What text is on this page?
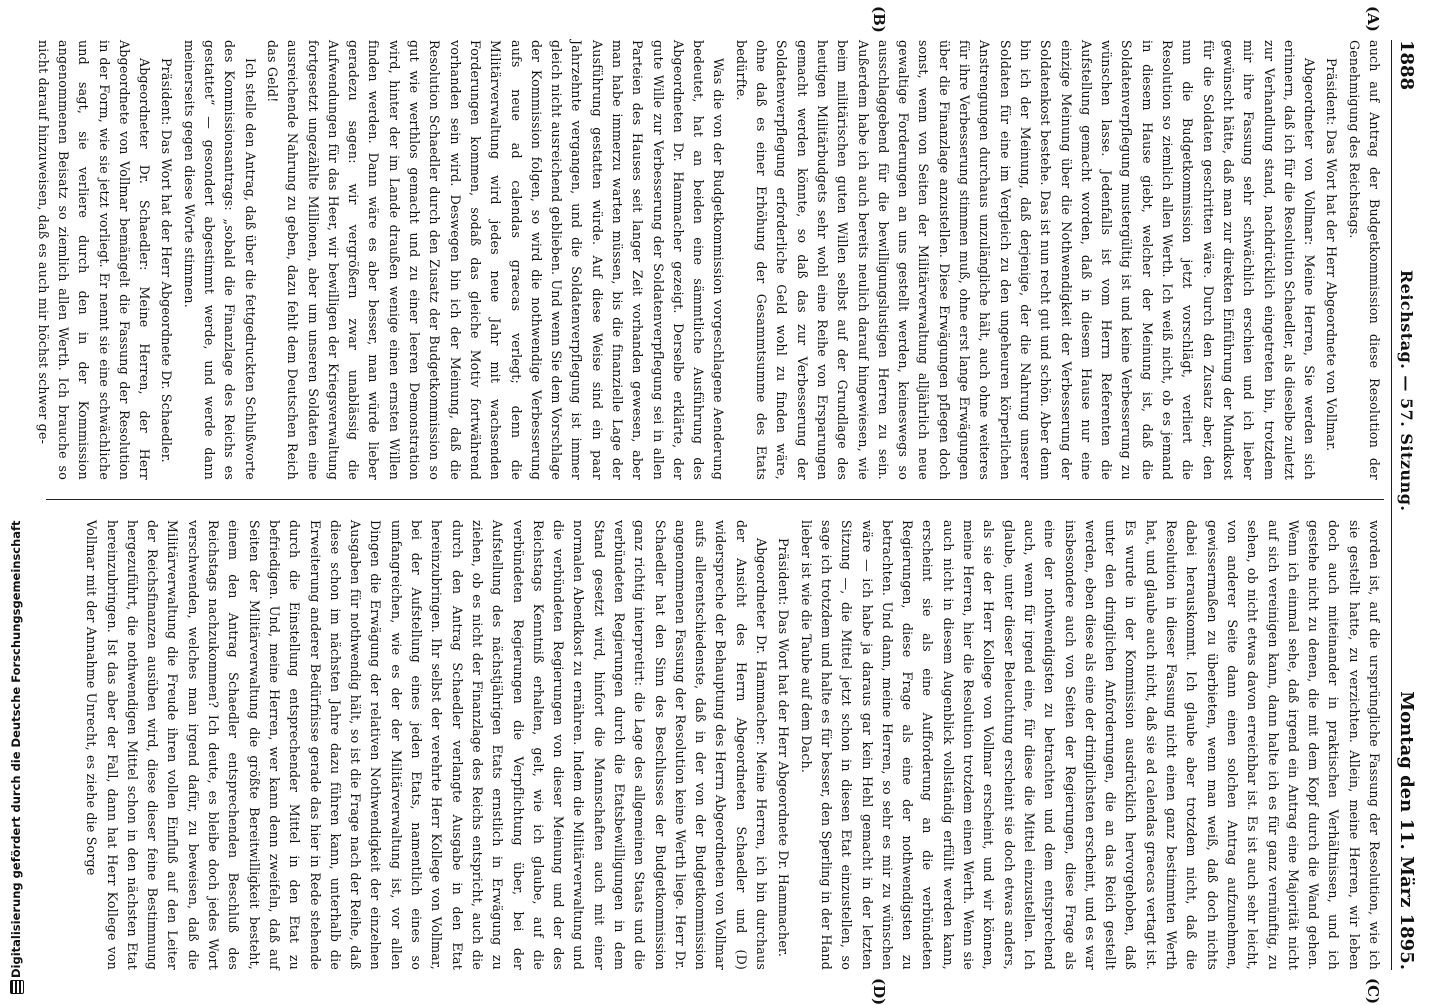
Digitalisierung gefördert durch die Deutsche Forschungsgemeinschaft
1888
Reichstag. — 57. Sitzung.
Montag den 11. März 1895.
(A)
(B)
(C)
(D)

auch auf Antrag der Budgetkommission diese Resolution der Genehmigung des Reichstags.

Präsident: Das Wort hat der Herr Abgeordnete von Vollmar.

Abgeordneter von Vollmar: Meine Herren, Sie werden sich erinnern, daß ich für die Resolution Schaedler, als dieselbe zuletzt zur Verhandlung stand, nachdrücklich eingetreten bin, trotzdem mir ihre Fassung sehr schwächlich erschien und ich lieber gewünscht hätte, daß man zur direkten Einführung der Mundkost für die Soldaten geschritten wäre. Durch den Zusatz aber, den nun die Budgetkommission jetzt vorschlägt, verliert die Resolution so ziemlich allen Werth. Ich weiß nicht, ob es jemand in diesem Hause giebt, welcher der Meinung ist, daß die Soldatenverpflegung mustergültig ist und keine Verbesserung zu wünschen lasse. Jedenfalls ist vom Herrn Referenten die Aufstellung gemacht worden, daß in diesem Hause nur eine einzige Meinung über die Nothwendigkeit der Verbesserung der Soldatenkost bestehe. Das ist nun recht gut und schön. Aber denn bin ich der Meinung, daß derjenige, der die Nahrung unserer Soldaten für eine im Vergleich zu den ungeheuren körperlichen Anstrengungen durchaus unzulängliche hält, auch ohne weiteres für ihre Verbesserung stimmen muß, ohne erst lange Erwägungen über die Finanzlage anzustellen. Diese Erwägungen pflegen doch sonst, wenn von Seiten der Militärverwaltung alljährlich neue gewaltige Forderungen an uns gestellt werden, keineswegs so ausschlaggebend für die bewilligungslustigen Herren zu sein. Außerdem habe ich auch bereits neulich darauf hingewiesen, wie beim militärischen guten Willen selbst auf der Grundlage des heutigen Militärbudgets sehr wohl eine Reihe von Ersparungen gemacht werden könnte, so daß das zur Verbesserung der Soldatenverpflegung erforderliche Geld wohl zu finden wäre, ohne daß es einer Erhöhung der Gesammtsumme des Etats bedürfte.

Was die von der Budgetkommission vorgeschlagene Aenderung bedeutet, hat an beiden eine sämmtliche Ausführung des Abgeordneten Dr. Hammacher gezeigt. Derselbe erklärte, der gute Wille zur Verbesserung der Soldatenverpflegung sei in allen Parteien des Hauses seit langer Zeit vorhanden gewesen, aber man habe immerzu warten müssen, bis die finanzielle Lage der Ausführung gestatten würde. Auf diese Weise sind ein paar Jahrzehnte vergangen, und die Soldatenverpflegung ist immer gleich nicht ausreichend geblieben. Und wenn Sie dem Vorschlage der Kommission folgen, so wird die nothwendige Verbesserung aufs neue ad calendas graecas verlegt; denn die Militärverwaltung wird jedes neue Jahr mit wachsenden Forderungen kommen, sodaß das gleiche Motiv fortwährend vorhanden sein wird. Deswegen bin ich der Meinung, daß die Resolution Schaedler durch den Zusatz der Budgetkommission so gut wie werthlos gemacht und zu einer leeren Demonstration wird, hinter der im Lande draußen wenige einen ernsten Willen finden werden. Dann wäre es aber besser, man würde lieber geradezu sagen: wir vergrößern zwar unablässig die Aufwendungen für das Heer, wir bewilligen der Kriegsverwaltung fortgesetzt ungezählte Millionen, aber um unseren Soldaten eine ausreichende Nahrung zu geben, dazu fehlt dem Deutschen Reich das Geld!

Ich stelle den Antrag, daß über die fettgedruckten Schlußworte des Kommissionsantrags: „sobald die Finanzlage des Reichs es gestattet“ — gesondert abgestimmt werde, und werde dann meinerseits gegen diese Worte stimmen.

Präsident: Das Wort hat der Herr Abgeordnete Dr. Schaedler.

Abgeordneter Dr. Schaedler: Meine Herren, der Herr Abgeordnete von Vollmar bemängelt die Fassung der Resolution in der Form, wie sie jetzt vorliegt. Er nennt sie eine schwächliche und sagt, sie verliere durch den in der Kommission angenommenen Beisatz so ziemlich allen Werth. Ich brauche so nicht darauf hinzuweisen, daß es auch mir höchst schwer ge-

worden ist, auf die ursprüngliche Fassung der Resolution, wie ich sie gestellt hatte, zu verzichten. Allein, meine Herren, wir leben doch auch miteinander in praktischen Verhältnissen, und ich gestehe nicht zu denen, die mit dem Kopf durch die Wand gehen. Wenn ich einmal sehe, daß irgend ein Antrag eine Majorität nicht auf sich vereinigen kann, dann halte ich es für ganz vernünftig, zu sehen, ob nicht etwas davon erreichbar ist. Es ist auch sehr leicht, von anderer Seite dann einen solchen Antrag aufzunehmen, gewissermaßen zu überbieten, wenn man weiß, daß doch nichts dabei herauskommt. Ich glaube aber trotzdem nicht, daß die Resolution in dieser Fassung nicht einen ganz bestimmten Werth hat, und glaube auch nicht, daß sie ad calendas graecas vertagt ist. Es wurde in der Kommission ausdrücklich hervorgehoben, daß unter den dringlichen Anforderungen, die an das Reich gestellt werden, eben diese als eine der dringlichsten erscheint, und es war insbesondere auch von Seiten der Regierungen, diese Frage als eine der nothwendigsten zu betrachten und dem entsprechend auch, wenn für irgend eine, für diese die Mittel einzustellen. Ich glaube, unter dieser Beleuchtung erscheint sie doch etwas anders, als sie der Herr Kollege von Vollmar erscheint, und wir können, meine Herren, hier die Resolution trotzdem einen Werth. Wenn sie auch nicht in diesem Augenblick vollständig erfüllt werden kann, erscheint sie als eine Aufforderung an die verbündeten Regierungen, diese Frage als eine der nothwendigsten zu betrachten. Und dann, meine Herren, so sehr es mir zu wünschen wäre — ich habe ja daraus gar kein Hehl gemacht in der letzten Sitzung —, die Mittel jetzt schon in diesen Etat einzustellen, so sage ich trotzdem und halte es für besser, den Sperling in der Hand lieber ist wie die Taube auf dem Dach.

Präsident: Das Wort hat der Herr Abgeordnete Dr. Hammacher.

Abgeordneter Dr. Hammacher: Meine Herren, ich bin durchaus der Ansicht des Herrn Abgeordneten Schaedler und (D) widerspreche der Behauptung des Herrn Abgeordneten von Vollmar aufs allerentschiedenste, daß in der von der Budgetkommission angenommenen Fassung der Resolution keine Werth liege. Herr Dr. Schaedler hat den Sinn des Beschlusses der Budgetkommission ganz richtig interpretirt: die Lage des allgemeinen Staats und die verbündeten Regierungen durch die Etatsbewilligungen in dem Stand gesetzt wird, hinfort die Mannschaften auch mit einer normalen Abendkost zu ernähren. Indem die Militärverwaltung und die verbündeten Regierungen von dieser Meinung und der des Reichstags Kenntniß erhalten, gelt, wie ich glaube, auf die verbündeten Regierungen die Verpflichtung über, bei der Aufstellung des nächstjährigen Etats ernstlich in Erwägung zu ziehen, ob es nicht der Finanzlage des Reichs entspricht, auch die durch den Antrag Schaedler verlangte Ausgabe in den Etat hereinzubringen. Ihr selbst der verehrte Herr Kollege von Vollmar, bei der Aufstellung eines jeden Etats, namentlich eines so umfangreichen, wie es der der Militärverwaltung ist, vor allen Dingen die Erwägung der relativen Nothwendigkeit der einzelnen Ausgaben für nothwendig hält, so ist die Frage nach der Reihe, daß diese schon im nächsten Jahre dazu führen kann, unterhalb die Erweiterung anderer Bedürfnisse gerade das hier in Rede stehende durch die Einstellung entsprechender Mittel in den Etat zu befriedigen. Und, meine Herren, wer kann denn zweifeln, daß auf Seiten der Militärverwaltung die größte Bereitwilligkeit besteht, einem den Antrag Schaedler entsprechenden Beschluß des Reichstags nachzukommen? Ich deute, es bleibe doch jedes Wort verschwenden, welches man irgend dafür, zu beweisen, daß die Militärverwaltung die Freude ihren vollen Einfluß auf den Leiter der Reichsfinanzen ausüben wird, diese dieser feine Bestimmung hergezuführt, die nothwendigen Mittel schon in den nächsten Etat hereinzubringen. Ist das aber der Fall, dann hat Herr Kollege von Vollmar mit der Annahme Unrecht, es ziehe die Sorge
